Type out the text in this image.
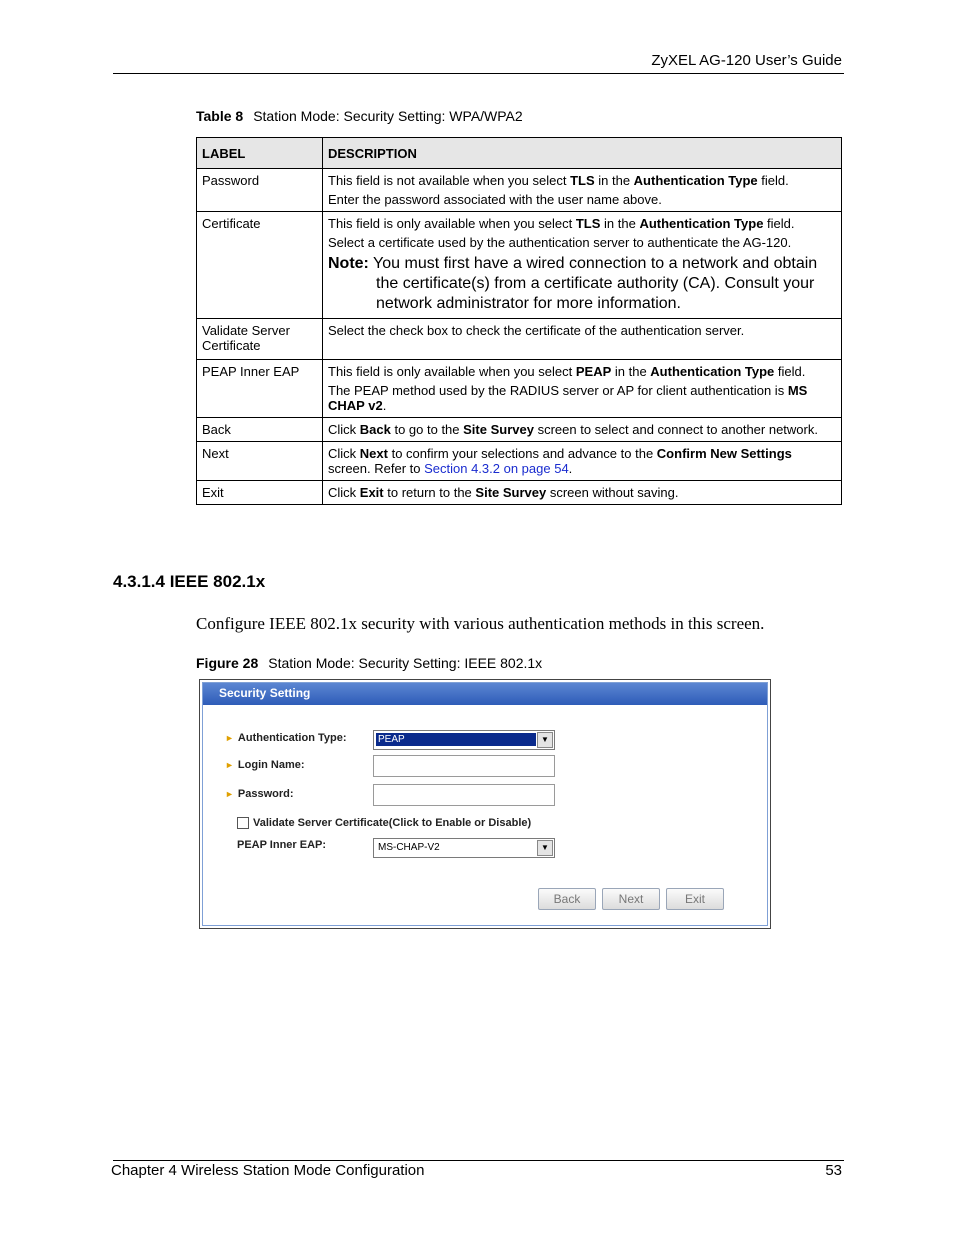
ZyXEL AG-120 User’s Guide
Table 8 Station Mode: Security Setting: WPA/WPA2
LABEL	DESCRIPTION
Password	This field is not available when you select TLS in the Authentication Type field.

Enter the password associated with the user name above.

Certificate	This field is only available when you select TLS in the Authentication Type field.

Select a certificate used by the authentication server to authenticate the AG-120.

Note: You must first have a wired connection to a network and obtain the certificate(s) from a certificate authority (CA). Consult your network administrator for more information.

Validate Server Certificate	Select the check box to check the certificate of the authentication server.
PEAP Inner EAP	This field is only available when you select PEAP in the Authentication Type field.

The PEAP method used by the RADIUS server or AP for client authentication is MS CHAP v2.

Back	Click Back to go to the Site Survey screen to select and connect to another network.
Next	Click Next to confirm your selections and advance to the Confirm New Settings screen. Refer to Section 4.3.2 on page 54.
Exit	Click Exit to return to the Site Survey screen without saving.
4.3.1.4 IEEE 802.1x
Configure IEEE 802.1x security with various authentication methods in this screen.
Figure 28 Station Mode: Security Setting: IEEE 802.1x
Security Setting
► Authentication Type:	PEAP	▼
► Login Name:
► Password:
Validate Server Certificate(Click to Enable or Disable)
PEAP Inner EAP:	MS-CHAP-V2	▼
Back	Next	Exit
Chapter 4 Wireless Station Mode Configuration	53
